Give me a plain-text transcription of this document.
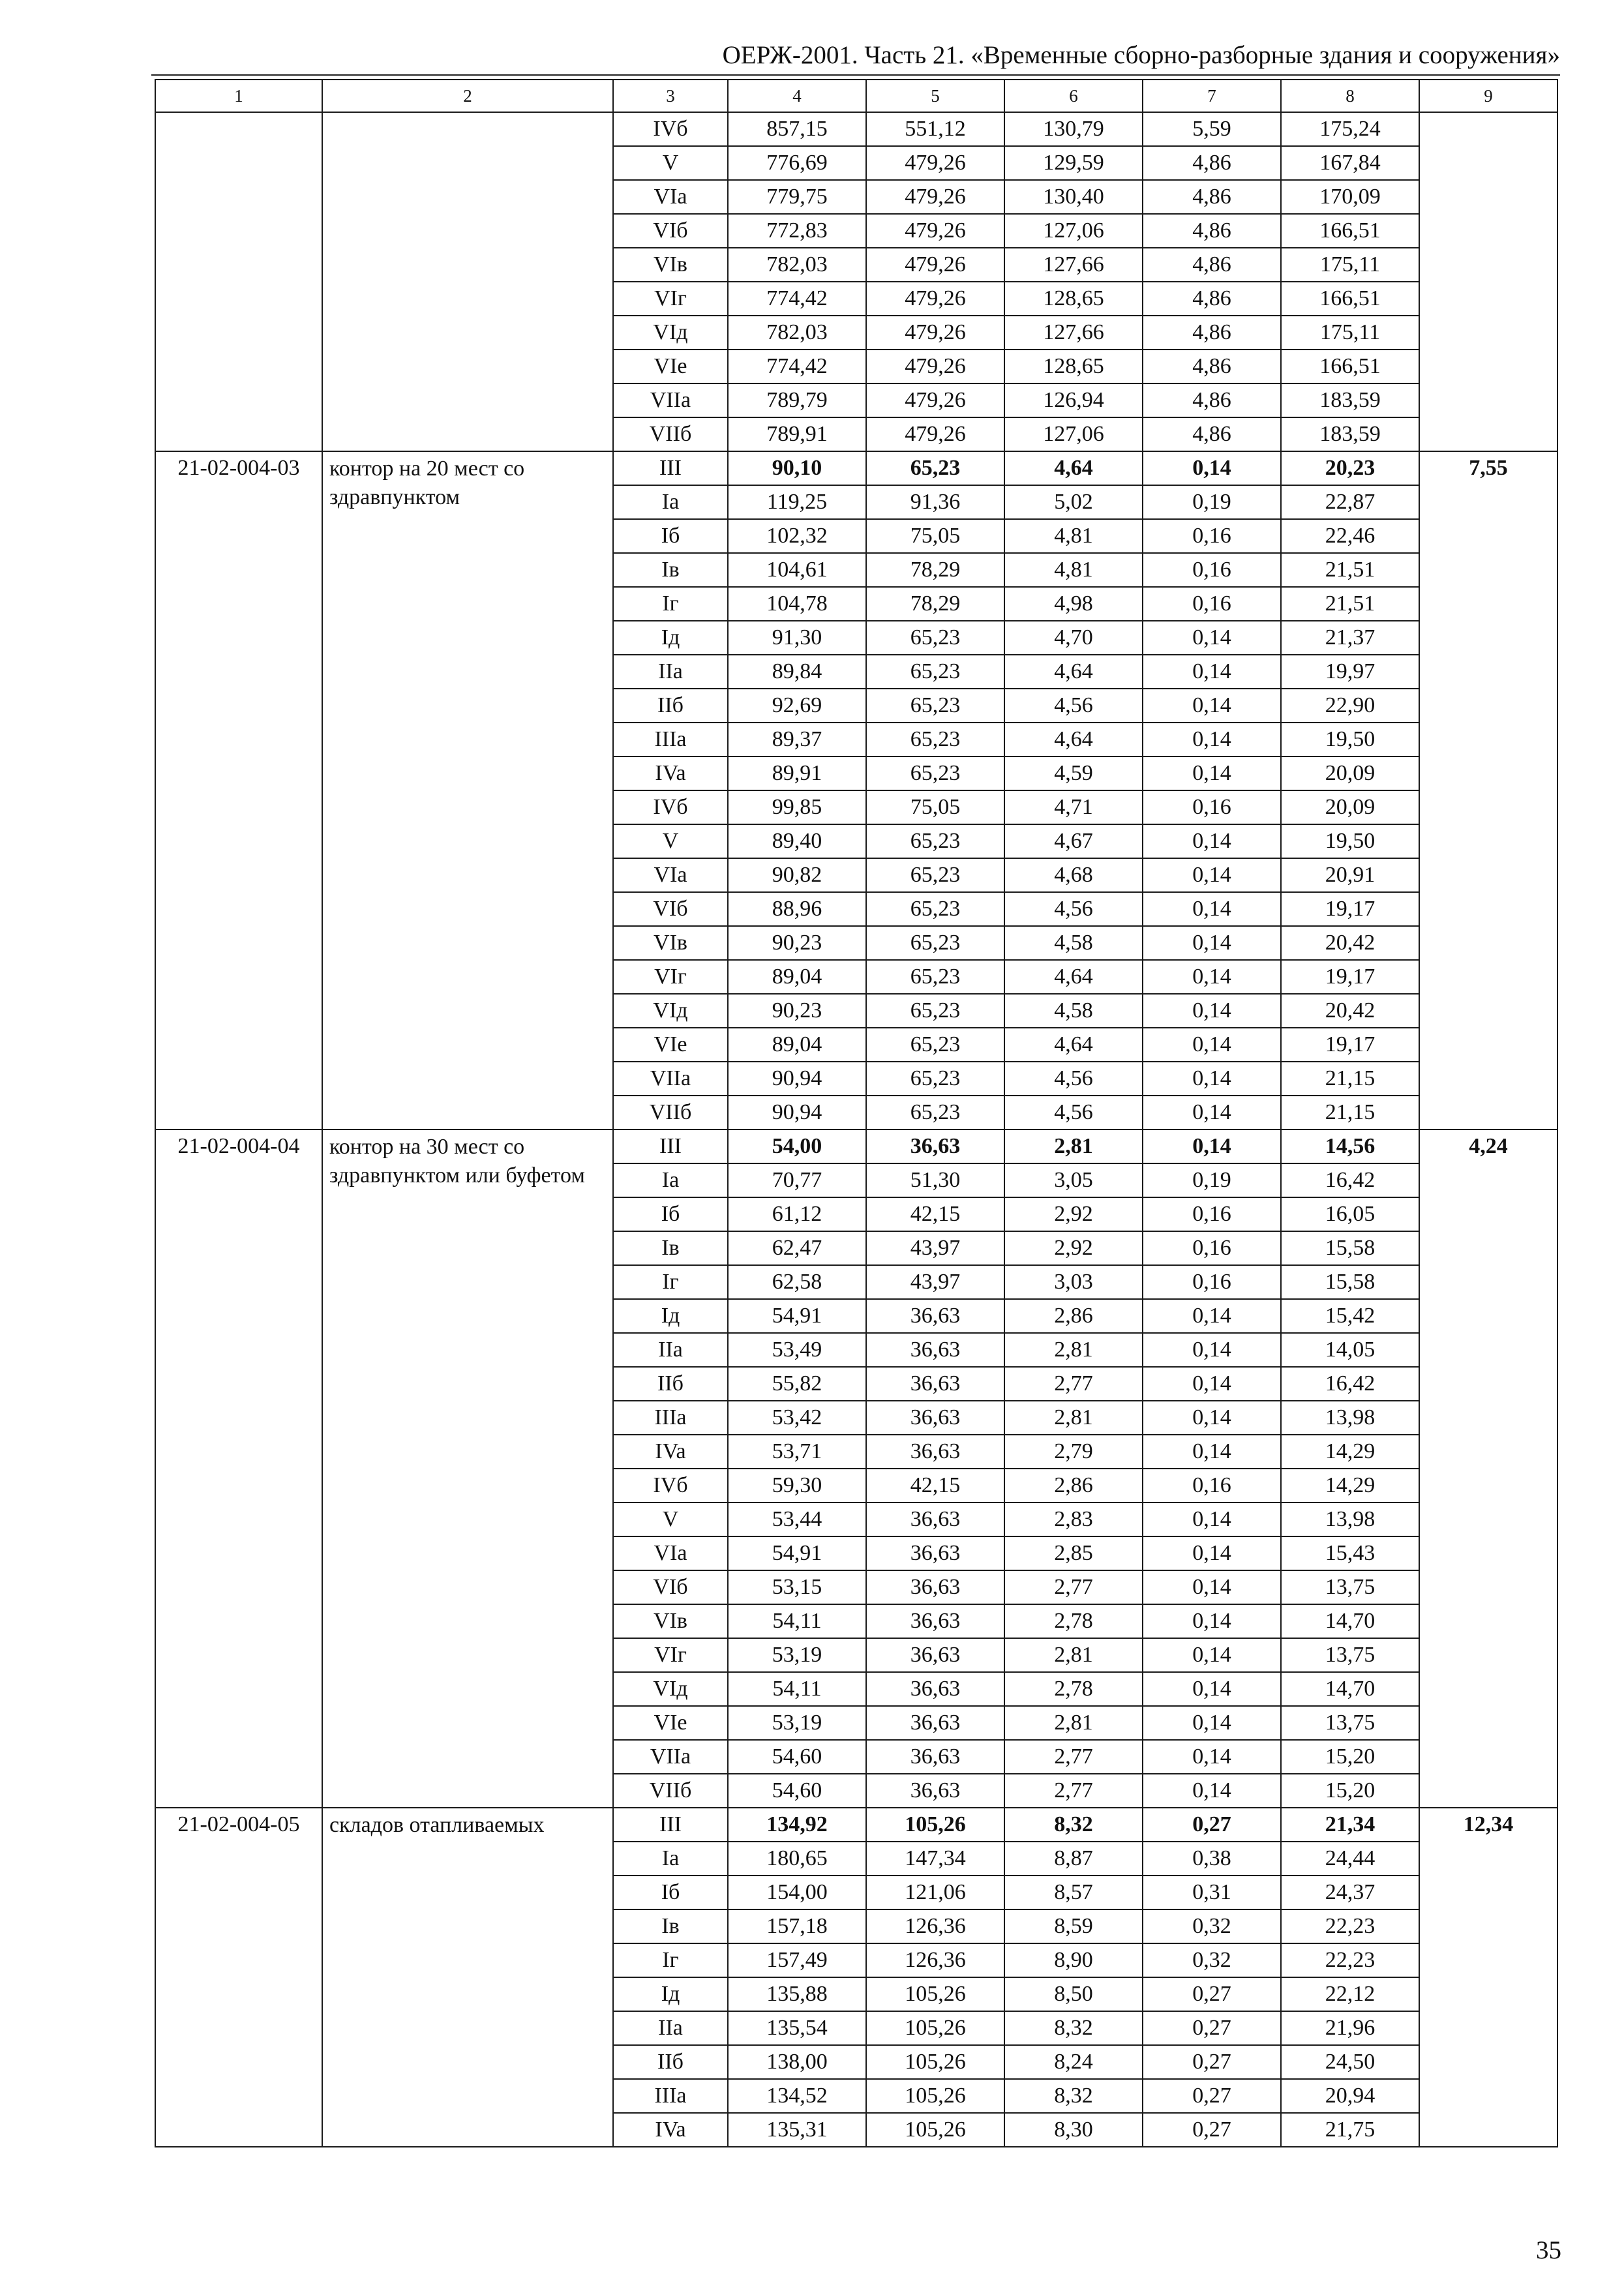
ОЕРЖ-2001. Часть 21. «Временные сборно-разборные здания и сооружения»
1	2	3	4	5	6	7	8	9
		IVб	857,15	551,12	130,79	5,59	175,24	
		V	776,69	479,26	129,59	4,86	167,84	
		VIa	779,75	479,26	130,40	4,86	170,09	
		VIб	772,83	479,26	127,06	4,86	166,51	
		VIв	782,03	479,26	127,66	4,86	175,11	
		VIг	774,42	479,26	128,65	4,86	166,51	
		VIд	782,03	479,26	127,66	4,86	175,11	
		VIe	774,42	479,26	128,65	4,86	166,51	
		VIIa	789,79	479,26	126,94	4,86	183,59	
		VIIб	789,91	479,26	127,06	4,86	183,59	
21-02-004-03	контор на 20 мест со здравпунктом	III	90,10	65,23	4,64	0,14	20,23	7,55
		Ia	119,25	91,36	5,02	0,19	22,87	
		Iб	102,32	75,05	4,81	0,16	22,46	
		Iв	104,61	78,29	4,81	0,16	21,51	
		Iг	104,78	78,29	4,98	0,16	21,51	
		Iд	91,30	65,23	4,70	0,14	21,37	
		IIa	89,84	65,23	4,64	0,14	19,97	
		IIб	92,69	65,23	4,56	0,14	22,90	
		IIIa	89,37	65,23	4,64	0,14	19,50	
		IVa	89,91	65,23	4,59	0,14	20,09	
		IVб	99,85	75,05	4,71	0,16	20,09	
		V	89,40	65,23	4,67	0,14	19,50	
		VIa	90,82	65,23	4,68	0,14	20,91	
		VIб	88,96	65,23	4,56	0,14	19,17	
		VIв	90,23	65,23	4,58	0,14	20,42	
		VIг	89,04	65,23	4,64	0,14	19,17	
		VIд	90,23	65,23	4,58	0,14	20,42	
		VIe	89,04	65,23	4,64	0,14	19,17	
		VIIa	90,94	65,23	4,56	0,14	21,15	
		VIIб	90,94	65,23	4,56	0,14	21,15	
21-02-004-04	контор на 30 мест со здравпунктом или буфетом	III	54,00	36,63	2,81	0,14	14,56	4,24
		Ia	70,77	51,30	3,05	0,19	16,42	
		Iб	61,12	42,15	2,92	0,16	16,05	
		Iв	62,47	43,97	2,92	0,16	15,58	
		Iг	62,58	43,97	3,03	0,16	15,58	
		Iд	54,91	36,63	2,86	0,14	15,42	
		IIa	53,49	36,63	2,81	0,14	14,05	
		IIб	55,82	36,63	2,77	0,14	16,42	
		IIIa	53,42	36,63	2,81	0,14	13,98	
		IVa	53,71	36,63	2,79	0,14	14,29	
		IVб	59,30	42,15	2,86	0,16	14,29	
		V	53,44	36,63	2,83	0,14	13,98	
		VIa	54,91	36,63	2,85	0,14	15,43	
		VIб	53,15	36,63	2,77	0,14	13,75	
		VIв	54,11	36,63	2,78	0,14	14,70	
		VIг	53,19	36,63	2,81	0,14	13,75	
		VIд	54,11	36,63	2,78	0,14	14,70	
		VIe	53,19	36,63	2,81	0,14	13,75	
		VIIa	54,60	36,63	2,77	0,14	15,20	
		VIIб	54,60	36,63	2,77	0,14	15,20	
21-02-004-05	складов отапливаемых	III	134,92	105,26	8,32	0,27	21,34	12,34
		Ia	180,65	147,34	8,87	0,38	24,44	
		Iб	154,00	121,06	8,57	0,31	24,37	
		Iв	157,18	126,36	8,59	0,32	22,23	
		Iг	157,49	126,36	8,90	0,32	22,23	
		Iд	135,88	105,26	8,50	0,27	22,12	
		IIa	135,54	105,26	8,32	0,27	21,96	
		IIб	138,00	105,26	8,24	0,27	24,50	
		IIIa	134,52	105,26	8,32	0,27	20,94	
		IVa	135,31	105,26	8,30	0,27	21,75	
35
